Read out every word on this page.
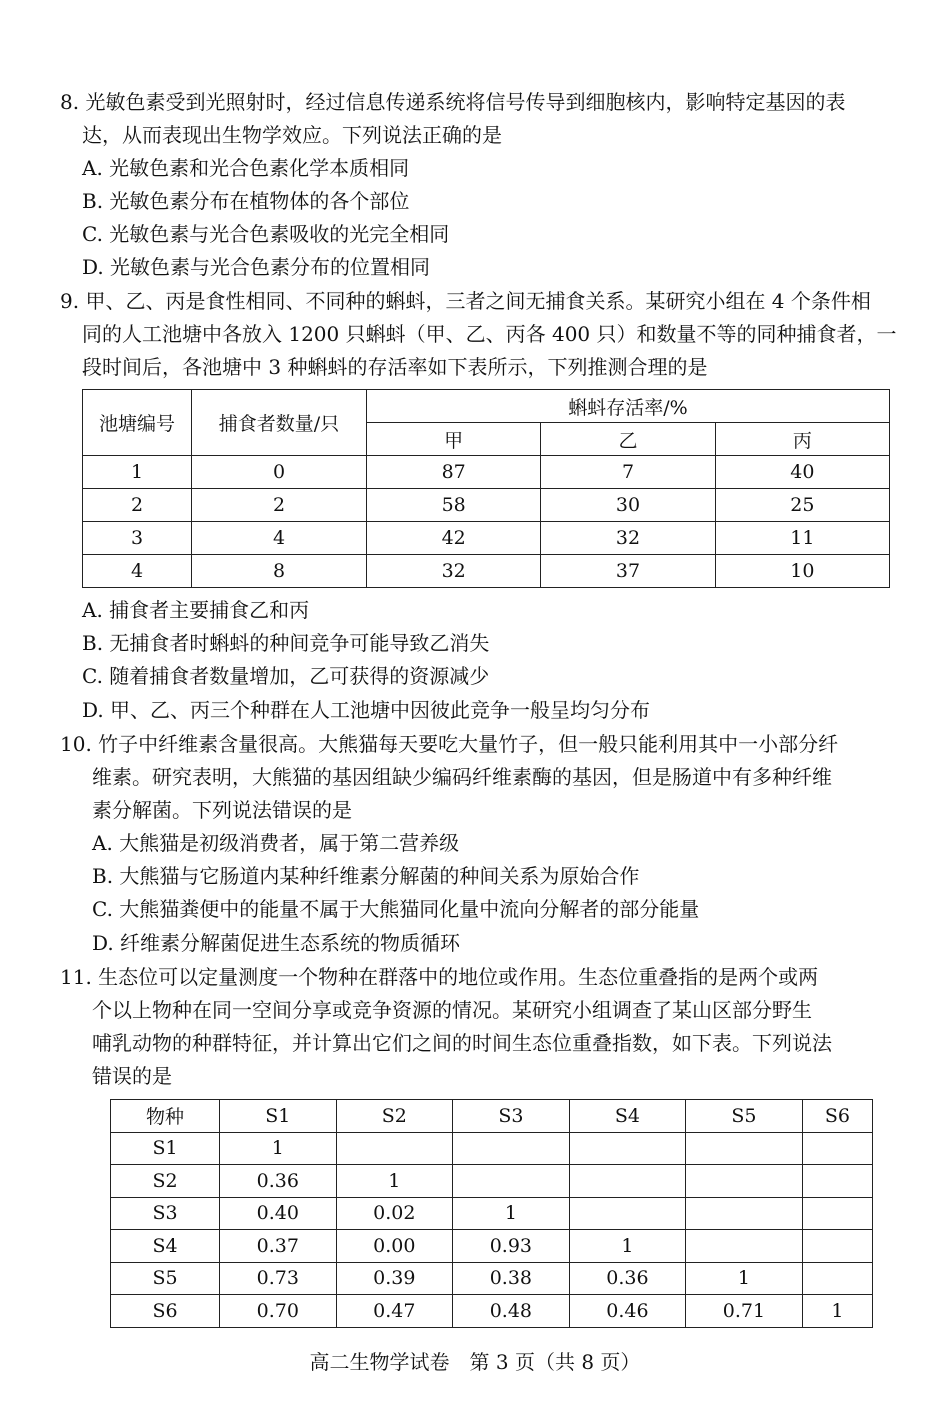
8. 光敏色素受到光照射时，经过信息传递系统将信号传导到细胞核内，影响特定基因的表
达，从而表现出生物学效应。下列说法正确的是
A. 光敏色素和光合色素化学本质相同
B. 光敏色素分布在植物体的各个部位
C. 光敏色素与光合色素吸收的光完全相同
D. 光敏色素与光合色素分布的位置相同
9. 甲、乙、丙是食性相同、不同种的蝌蚪，三者之间无捕食关系。某研究小组在 4 个条件相
同的人工池塘中各放入 1200 只蝌蚪（甲、乙、丙各 400 只）和数量不等的同种捕食者，一
段时间后，各池塘中 3 种蝌蚪的存活率如下表所示，下列推测合理的是
池塘编号	捕食者数量/只	蝌蚪存活率/%		
		甲	乙	丙
1	0	87	7	40
2	2	58	30	25
3	4	42	32	11
4	8	32	37	10
A. 捕食者主要捕食乙和丙
B. 无捕食者时蝌蚪的种间竞争可能导致乙消失
C. 随着捕食者数量增加，乙可获得的资源减少
D. 甲、乙、丙三个种群在人工池塘中因彼此竞争一般呈均匀分布
10. 竹子中纤维素含量很高。大熊猫每天要吃大量竹子，但一般只能利用其中一小部分纤
维素。研究表明，大熊猫的基因组缺少编码纤维素酶的基因，但是肠道中有多种纤维
素分解菌。下列说法错误的是
A. 大熊猫是初级消费者，属于第二营养级
B. 大熊猫与它肠道内某种纤维素分解菌的种间关系为原始合作
C. 大熊猫粪便中的能量不属于大熊猫同化量中流向分解者的部分能量
D. 纤维素分解菌促进生态系统的物质循环
11. 生态位可以定量测度一个物种在群落中的地位或作用。生态位重叠指的是两个或两
个以上物种在同一空间分享或竞争资源的情况。某研究小组调查了某山区部分野生
哺乳动物的种群特征，并计算出它们之间的时间生态位重叠指数，如下表。下列说法
错误的是
物种	S1	S2	S3	S4	S5	S6
S1	1					
S2	0.36	1				
S3	0.40	0.02	1			
S4	0.37	0.00	0.93	1		
S5	0.73	0.39	0.38	0.36	1	
S6	0.70	0.47	0.48	0.46	0.71	1
高二生物学试卷　第 3 页（共 8 页）
